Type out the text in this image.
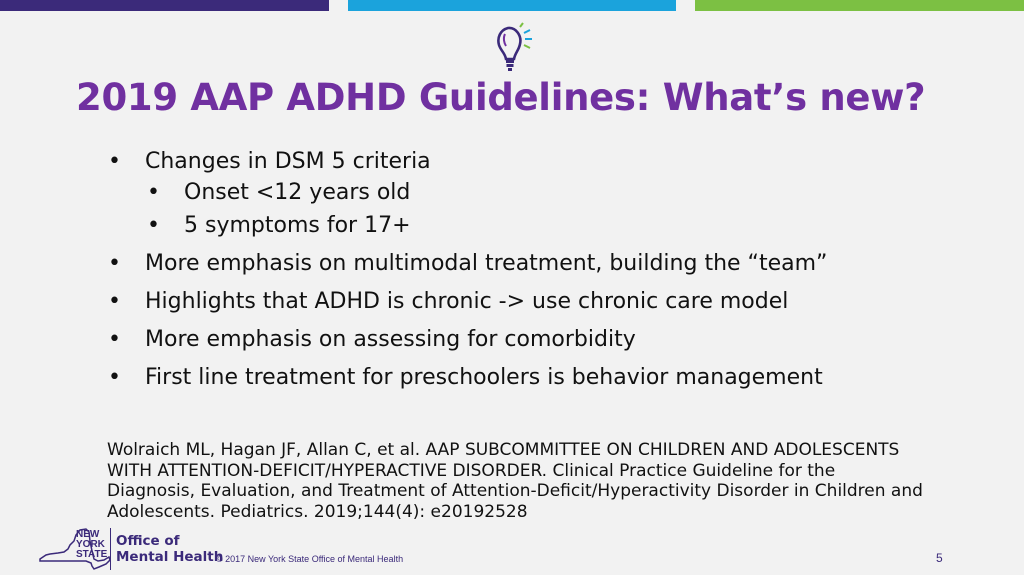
2019 AAP ADHD Guidelines: What’s new?
• Changes in DSM 5 criteria
• Onset <12 years old
• 5 symptoms for 17+
• More emphasis on multimodal treatment, building the “team”
• Highlights that ADHD is chronic -> use chronic care model
• More emphasis on assessing for comorbidity
• First line treatment for preschoolers is behavior management

Wolraich ML, Hagan JF, Allan C, et al. AAP SUBCOMMITTEE ON CHILDREN AND ADOLESCENTS WITH ATTENTION-DEFICIT/HYPERACTIVE DISORDER. Clinical Practice Guideline for the Diagnosis, Evaluation, and Treatment of Attention-Deficit/Hyperactivity Disorder in Children and Adolescents. Pediatrics. 2019;144(4): e20192528

NEW
YORK
STATE
Office of
Mental Health
© 2017 New York State Office of Mental Health	5
